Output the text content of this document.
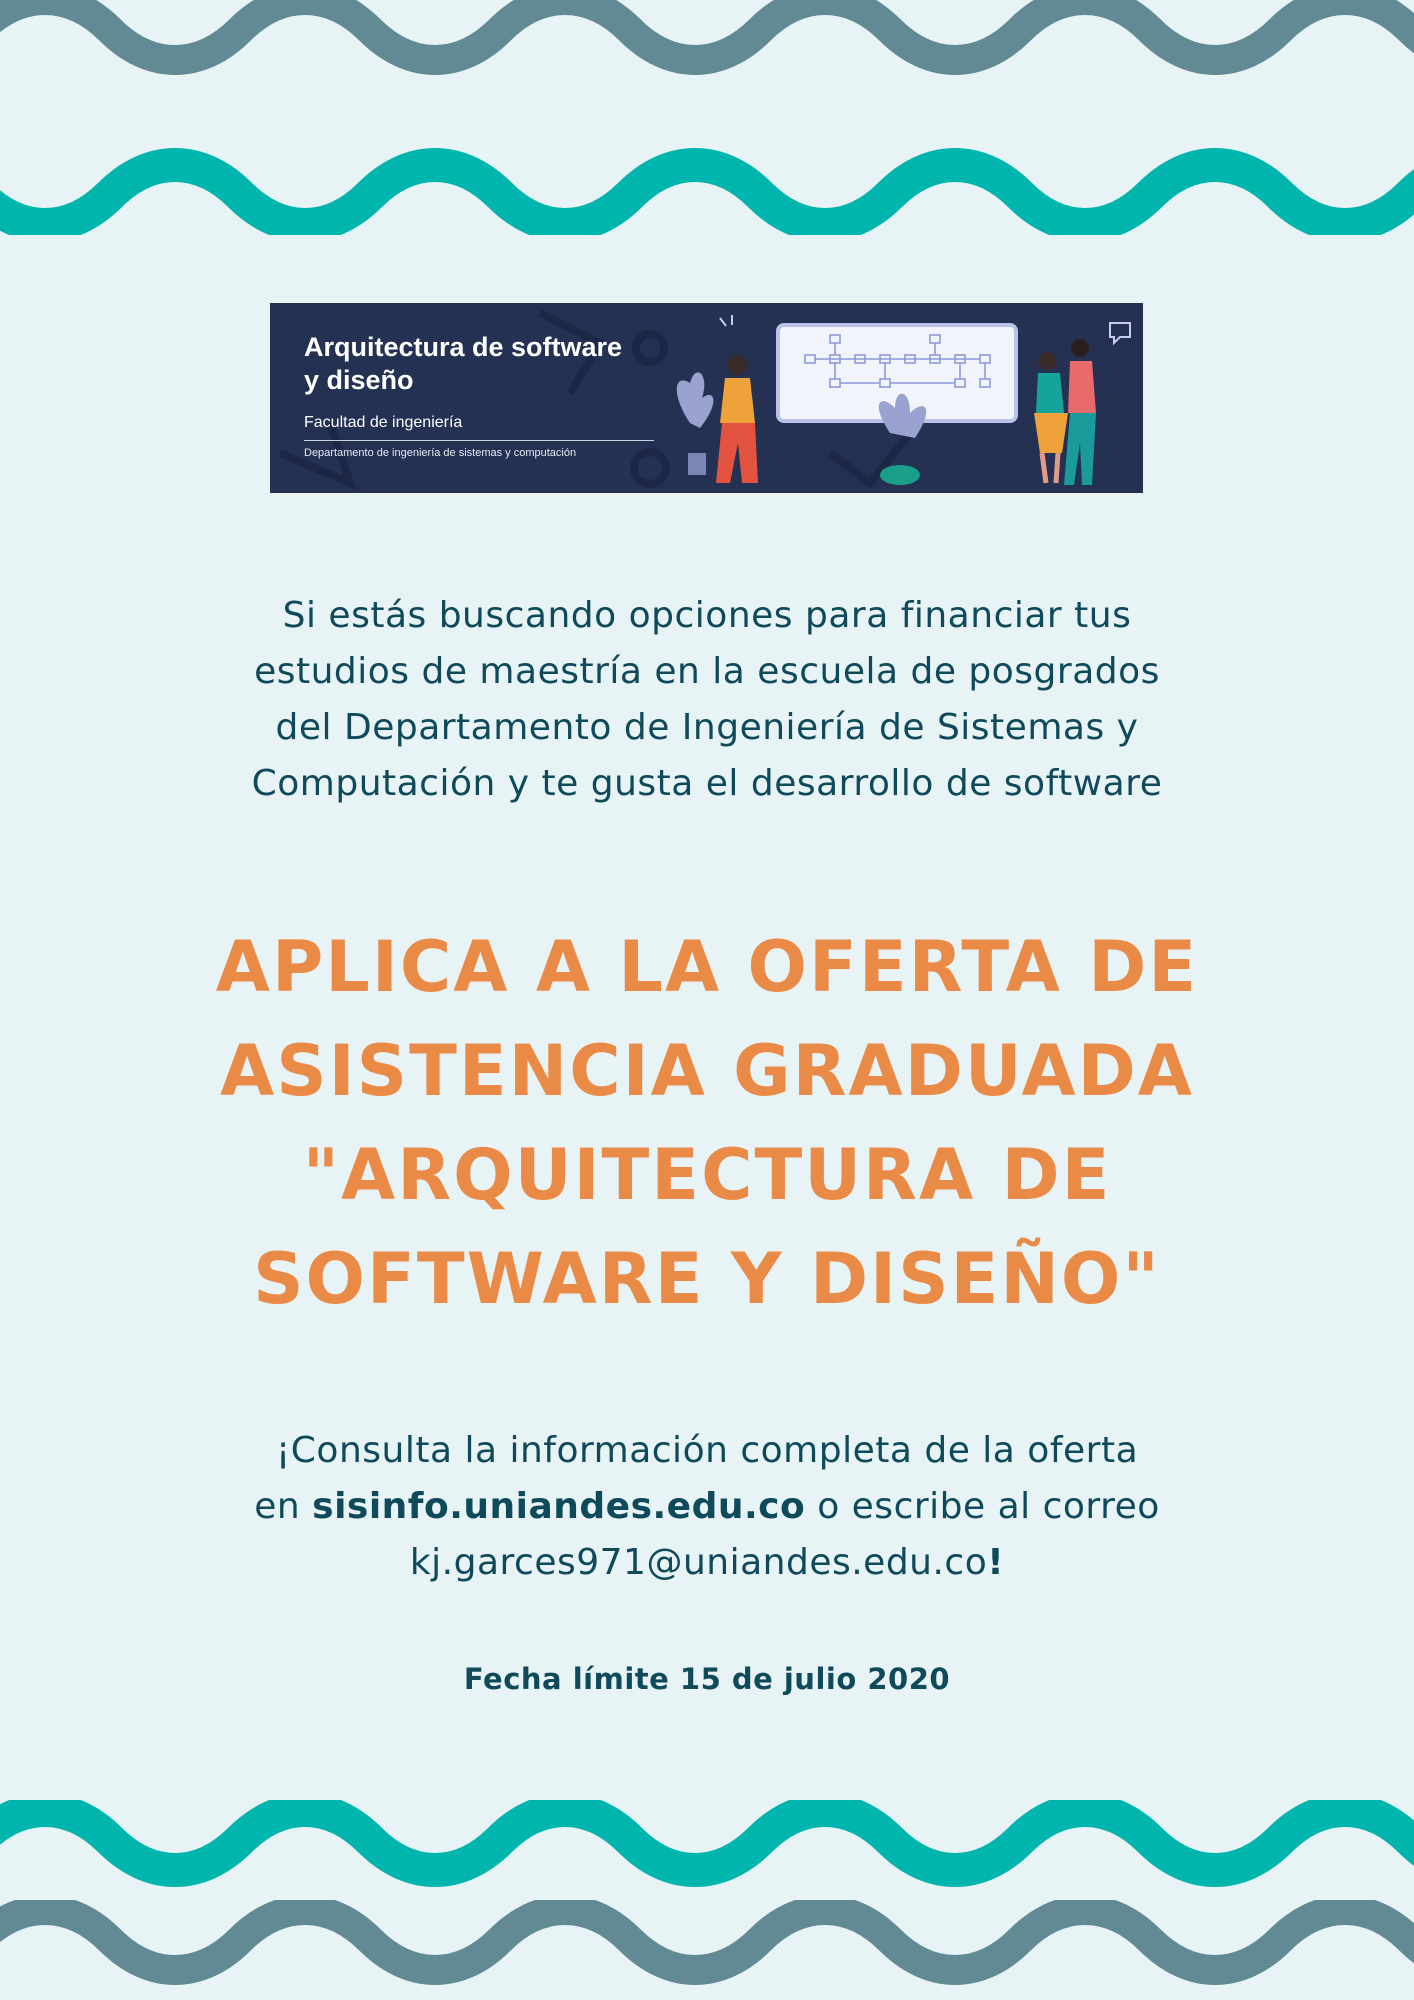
Arquitectura de software y diseño
Facultad de ingeniería
Departamento de ingeniería de sistemas y computación
Si estás buscando opciones para financiar tus
estudios de maestría en la escuela de posgrados
del Departamento de Ingeniería de Sistemas y
Computación y te gusta el desarrollo de software
APLICA A LA OFERTA DE
ASISTENCIA GRADUADA
"ARQUITECTURA DE
SOFTWARE Y DISEÑO"
¡Consulta la información completa de la oferta
en sisinfo.uniandes.edu.co o escribe al correo
kj.garces971@uniandes.edu.co!
Fecha límite 15 de julio 2020
